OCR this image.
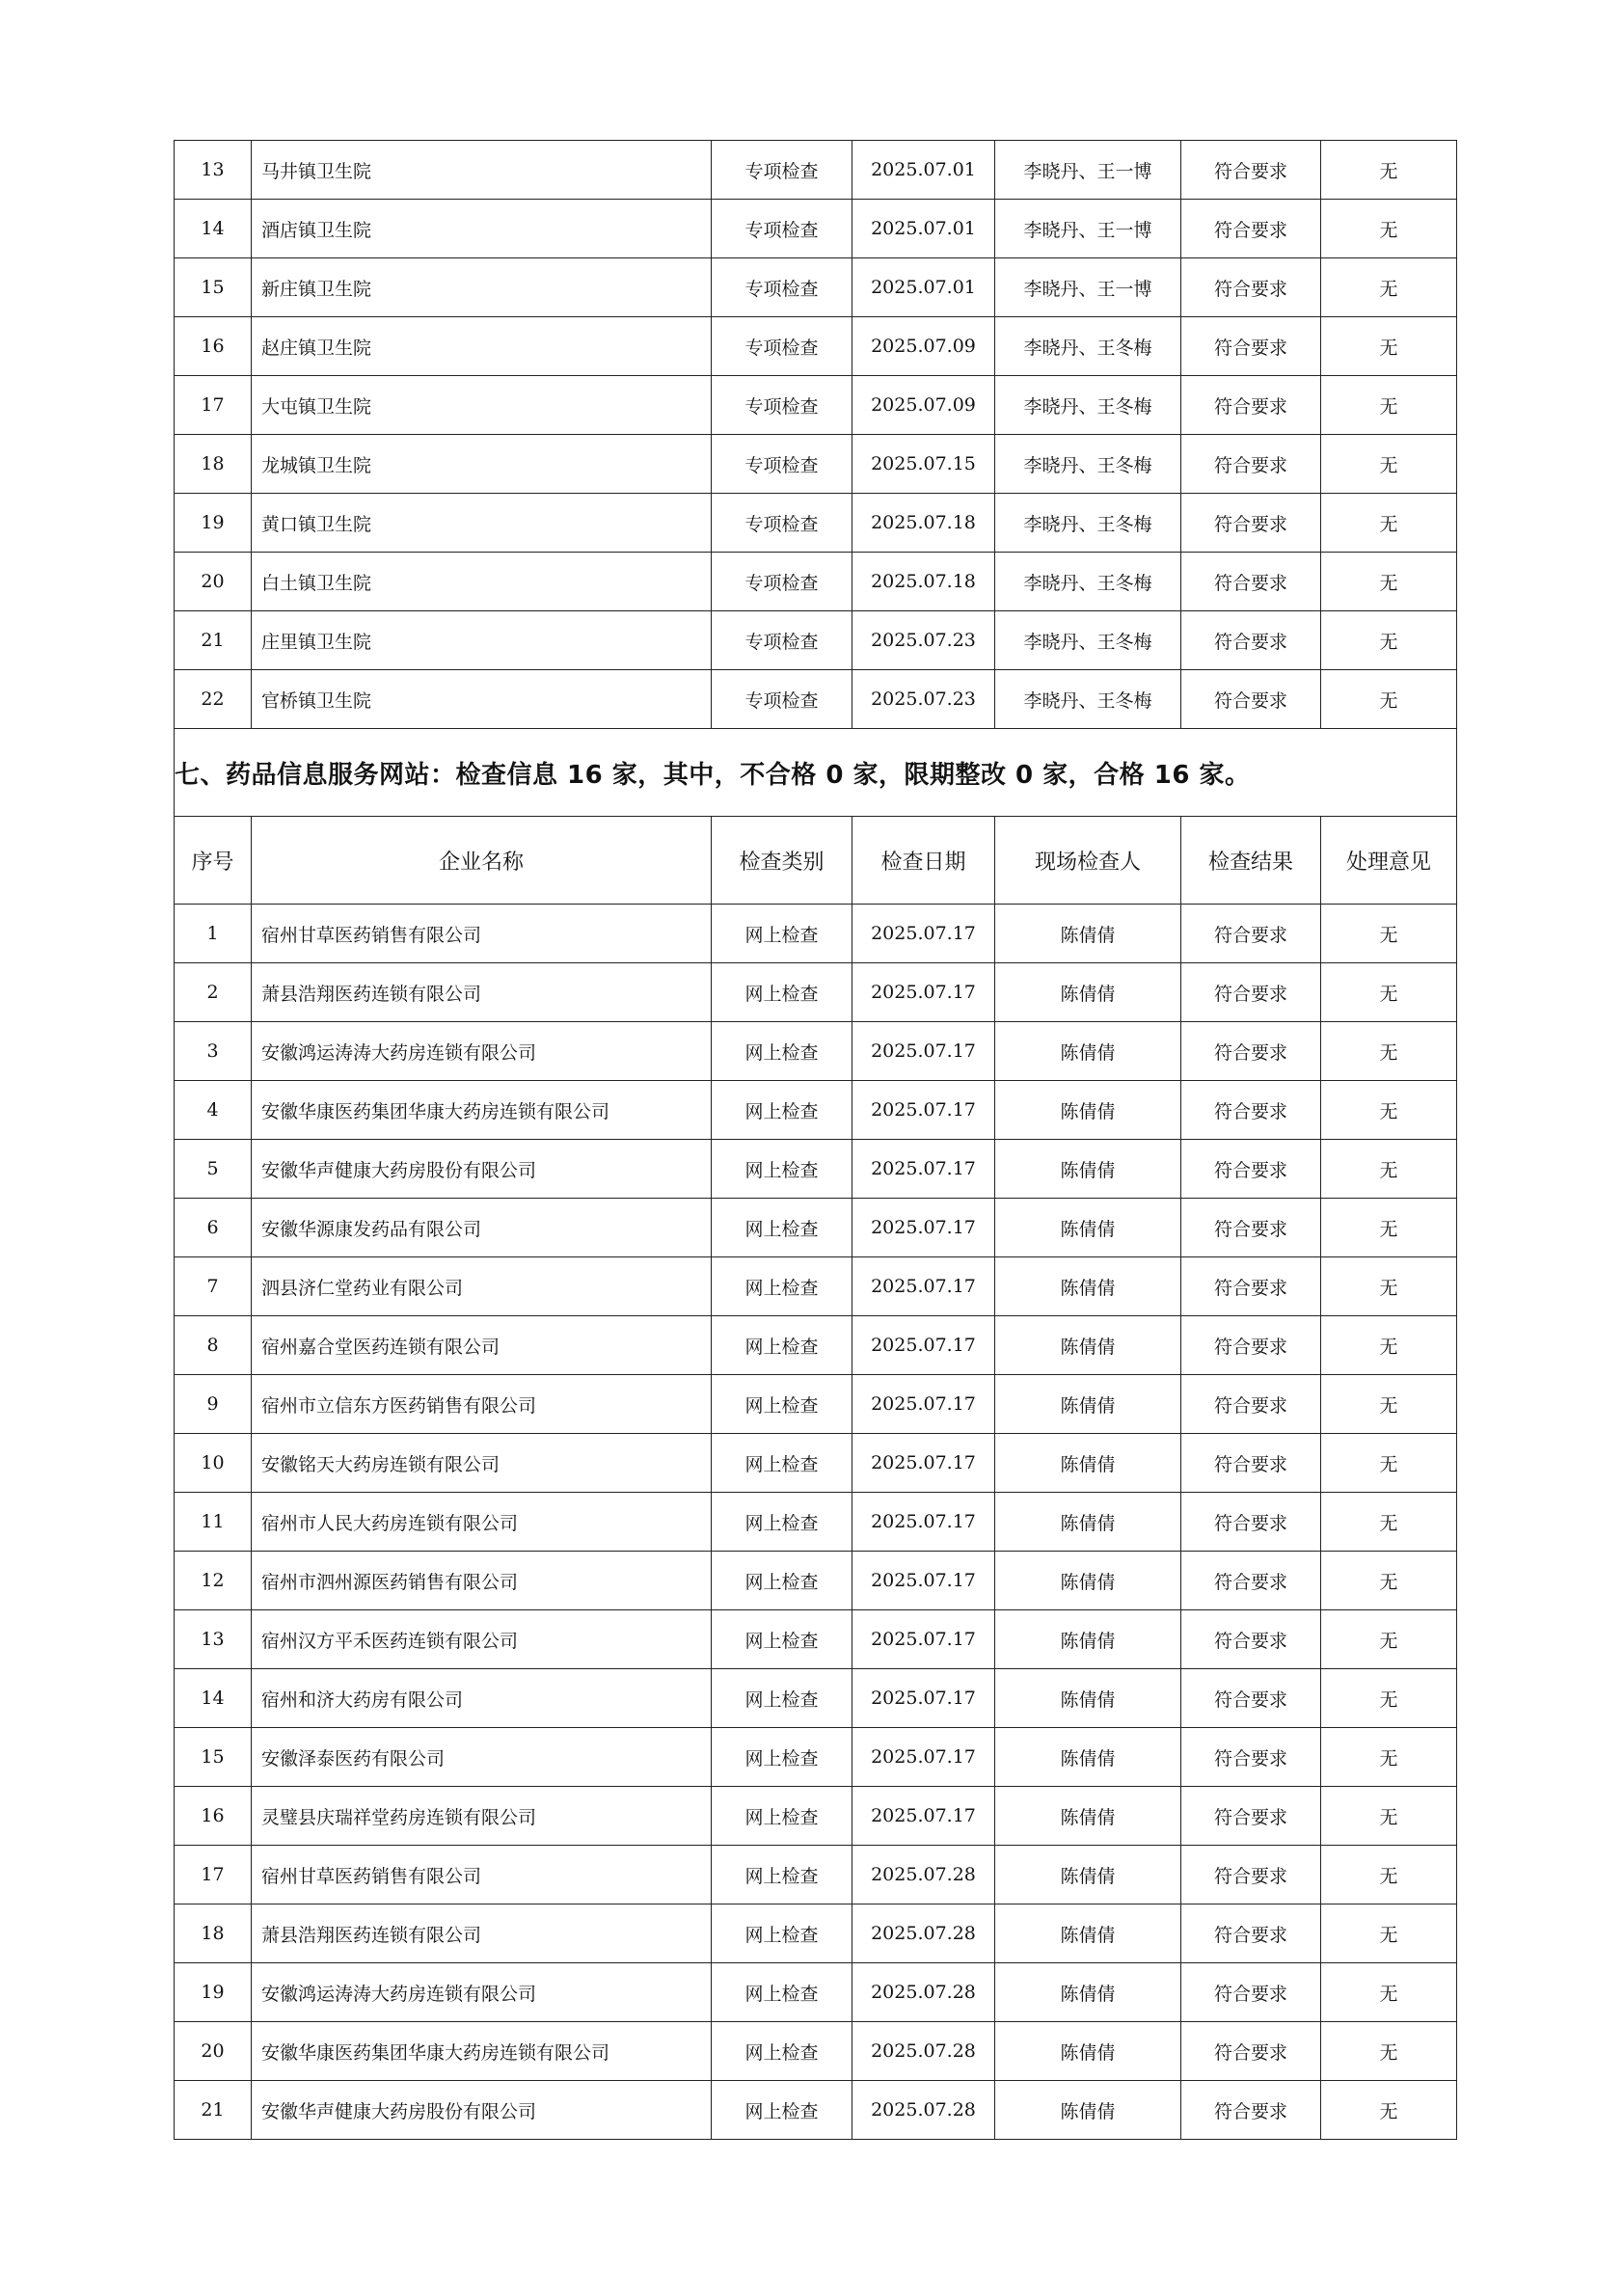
13	马井镇卫生院	专项检查	2025.07.01	李晓丹、王一博	符合要求	无
14	酒店镇卫生院	专项检查	2025.07.01	李晓丹、王一博	符合要求	无
15	新庄镇卫生院	专项检查	2025.07.01	李晓丹、王一博	符合要求	无
16	赵庄镇卫生院	专项检查	2025.07.09	李晓丹、王冬梅	符合要求	无
17	大屯镇卫生院	专项检查	2025.07.09	李晓丹、王冬梅	符合要求	无
18	龙城镇卫生院	专项检查	2025.07.15	李晓丹、王冬梅	符合要求	无
19	黄口镇卫生院	专项检查	2025.07.18	李晓丹、王冬梅	符合要求	无
20	白土镇卫生院	专项检查	2025.07.18	李晓丹、王冬梅	符合要求	无
21	庄里镇卫生院	专项检查	2025.07.23	李晓丹、王冬梅	符合要求	无
22	官桥镇卫生院	专项检查	2025.07.23	李晓丹、王冬梅	符合要求	无
七、药品信息服务网站：检查信息 16 家，其中，不合格 0 家，限期整改 0 家，合格 16 家。						
序号	企业名称	检查类别	检查日期	现场检查人	检查结果	处理意见
1	宿州甘草医药销售有限公司	网上检查	2025.07.17	陈倩倩	符合要求	无
2	萧县浩翔医药连锁有限公司	网上检查	2025.07.17	陈倩倩	符合要求	无
3	安徽鸿运涛涛大药房连锁有限公司	网上检查	2025.07.17	陈倩倩	符合要求	无
4	安徽华康医药集团华康大药房连锁有限公司	网上检查	2025.07.17	陈倩倩	符合要求	无
5	安徽华声健康大药房股份有限公司	网上检查	2025.07.17	陈倩倩	符合要求	无
6	安徽华源康发药品有限公司	网上检查	2025.07.17	陈倩倩	符合要求	无
7	泗县济仁堂药业有限公司	网上检查	2025.07.17	陈倩倩	符合要求	无
8	宿州嘉合堂医药连锁有限公司	网上检查	2025.07.17	陈倩倩	符合要求	无
9	宿州市立信东方医药销售有限公司	网上检查	2025.07.17	陈倩倩	符合要求	无
10	安徽铭天大药房连锁有限公司	网上检查	2025.07.17	陈倩倩	符合要求	无
11	宿州市人民大药房连锁有限公司	网上检查	2025.07.17	陈倩倩	符合要求	无
12	宿州市泗州源医药销售有限公司	网上检查	2025.07.17	陈倩倩	符合要求	无
13	宿州汉方平禾医药连锁有限公司	网上检查	2025.07.17	陈倩倩	符合要求	无
14	宿州和济大药房有限公司	网上检查	2025.07.17	陈倩倩	符合要求	无
15	安徽泽泰医药有限公司	网上检查	2025.07.17	陈倩倩	符合要求	无
16	灵璧县庆瑞祥堂药房连锁有限公司	网上检查	2025.07.17	陈倩倩	符合要求	无
17	宿州甘草医药销售有限公司	网上检查	2025.07.28	陈倩倩	符合要求	无
18	萧县浩翔医药连锁有限公司	网上检查	2025.07.28	陈倩倩	符合要求	无
19	安徽鸿运涛涛大药房连锁有限公司	网上检查	2025.07.28	陈倩倩	符合要求	无
20	安徽华康医药集团华康大药房连锁有限公司	网上检查	2025.07.28	陈倩倩	符合要求	无
21	安徽华声健康大药房股份有限公司	网上检查	2025.07.28	陈倩倩	符合要求	无
